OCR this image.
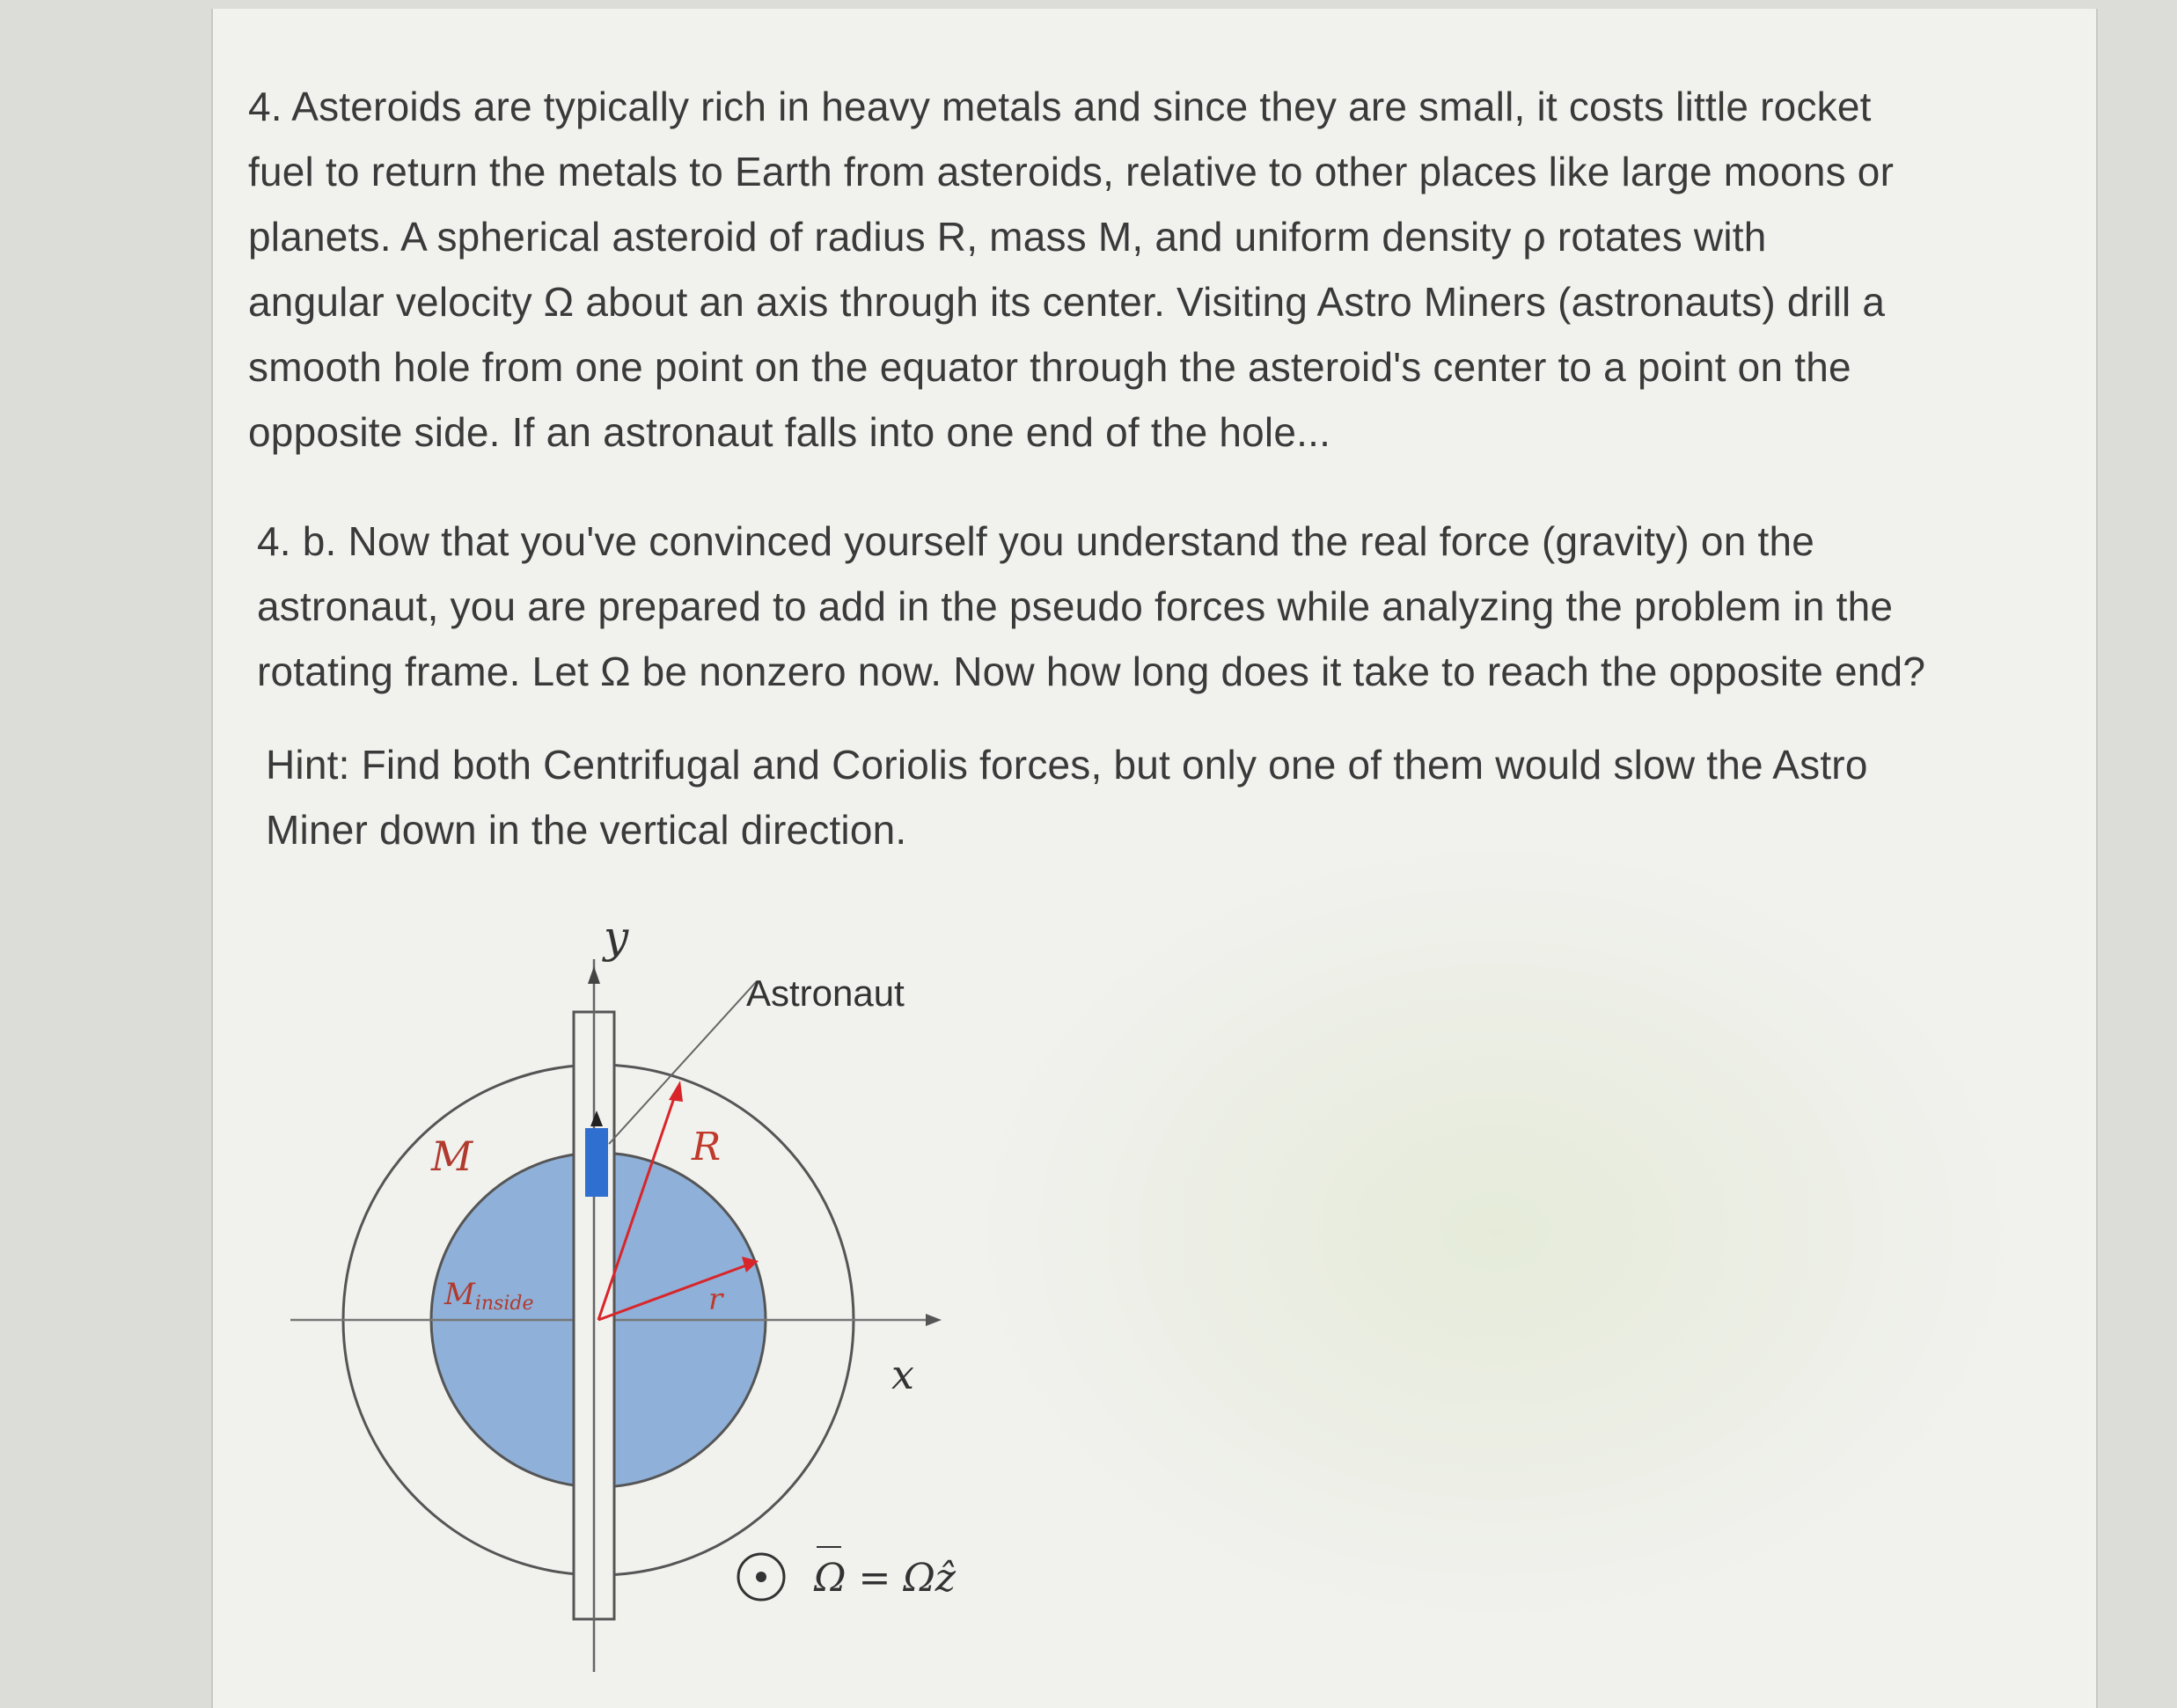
4. Asteroids are typically rich in heavy metals and since they are small, it costs little rocket
fuel to return the metals to Earth from asteroids, relative to other places like large moons or
planets. A spherical asteroid of radius R, mass M, and uniform density ρ rotates with
angular velocity Ω about an axis through its center. Visiting Astro Miners (astronauts) drill a
smooth hole from one point on the equator through the asteroid's center to a point on the
opposite side. If an astronaut falls into one end of the hole...
4. b. Now that you've convinced yourself you understand the real force (gravity) on the
astronaut, you are prepared to add in the pseudo forces while analyzing the problem in the
rotating frame. Let Ω be nonzero now. Now how long does it take to reach the opposite end?
Hint: Find both Centrifugal and Coriolis forces, but only one of them would slow the Astro
Miner down in the vertical direction.
y
x
Astronaut
M
Minside
R
r
Ω = Ωẑ
